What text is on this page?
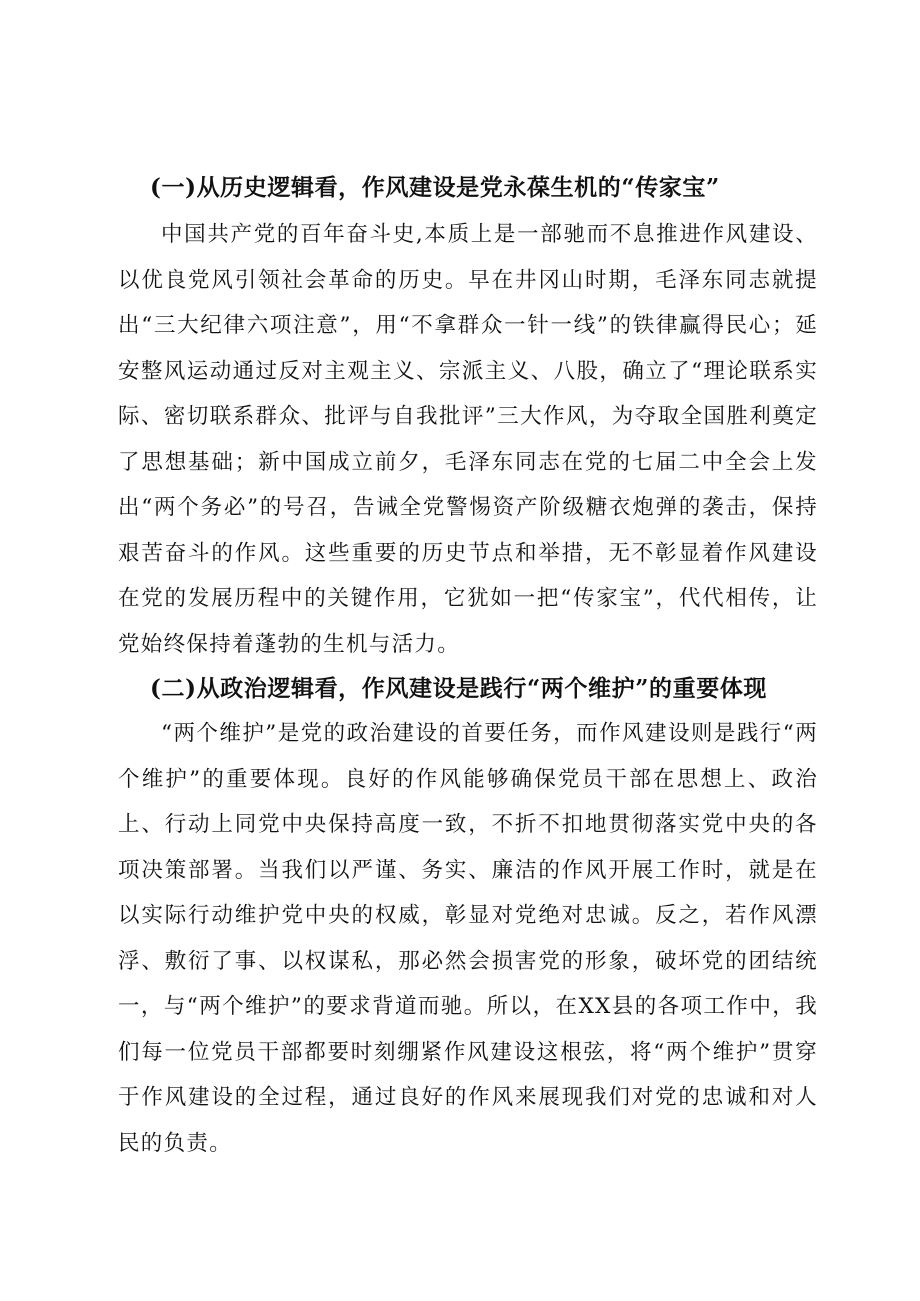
(一)从历史逻辑看，作风建设是党永葆生机的“传家宝”

中国共产党的百年奋斗史,本质上是一部驰而不息推进作风建设、以优良党风引领社会革命的历史。早在井冈山时期，毛泽东同志就提出“三大纪律六项注意”，用“不拿群众一针一线”的铁律赢得民心；延安整风运动通过反对主观主义、宗派主义、八股，确立了“理论联系实际、密切联系群众、批评与自我批评”三大作风，为夺取全国胜利奠定了思想基础；新中国成立前夕，毛泽东同志在党的七届二中全会上发出“两个务必”的号召，告诫全党警惕资产阶级糖衣炮弹的袭击，保持艰苦奋斗的作风。这些重要的历史节点和举措，无不彰显着作风建设在党的发展历程中的关键作用，它犹如一把“传家宝”，代代相传，让党始终保持着蓬勃的生机与活力。

(二)从政治逻辑看，作风建设是践行“两个维护”的重要体现

“两个维护”是党的政治建设的首要任务，而作风建设则是践行“两个维护”的重要体现。良好的作风能够确保党员干部在思想上、政治上、行动上同党中央保持高度一致，不折不扣地贯彻落实党中央的各项决策部署。当我们以严谨、务实、廉洁的作风开展工作时，就是在以实际行动维护党中央的权威，彰显对党绝对忠诚。反之，若作风漂浮、敷衍了事、以权谋私，那必然会损害党的形象，破坏党的团结统一，与“两个维护”的要求背道而驰。所以，在XX县的各项工作中，我们每一位党员干部都要时刻绷紧作风建设这根弦，将“两个维护”贯穿于作风建设的全过程，通过良好的作风来展现我们对党的忠诚和对人民的负责。
